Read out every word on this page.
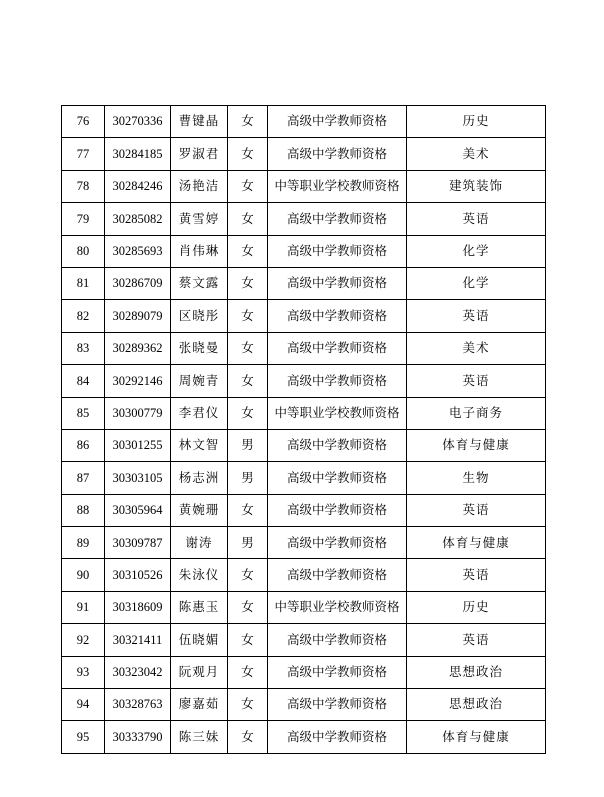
76	30270336	曹键晶	女	高级中学教师资格	历史
77	30284185	罗淑君	女	高级中学教师资格	美术
78	30284246	汤艳洁	女	中等职业学校教师资格	建筑装饰
79	30285082	黄雪婷	女	高级中学教师资格	英语
80	30285693	肖伟琳	女	高级中学教师资格	化学
81	30286709	蔡文露	女	高级中学教师资格	化学
82	30289079	区晓彤	女	高级中学教师资格	英语
83	30289362	张晓曼	女	高级中学教师资格	美术
84	30292146	周婉青	女	高级中学教师资格	英语
85	30300779	李君仪	女	中等职业学校教师资格	电子商务
86	30301255	林文智	男	高级中学教师资格	体育与健康
87	30303105	杨志洲	男	高级中学教师资格	生物
88	30305964	黄婉珊	女	高级中学教师资格	英语
89	30309787	谢涛	男	高级中学教师资格	体育与健康
90	30310526	朱泳仪	女	高级中学教师资格	英语
91	30318609	陈惠玉	女	中等职业学校教师资格	历史
92	30321411	伍晓媚	女	高级中学教师资格	英语
93	30323042	阮观月	女	高级中学教师资格	思想政治
94	30328763	廖嘉茹	女	高级中学教师资格	思想政治
95	30333790	陈三妹	女	高级中学教师资格	体育与健康
